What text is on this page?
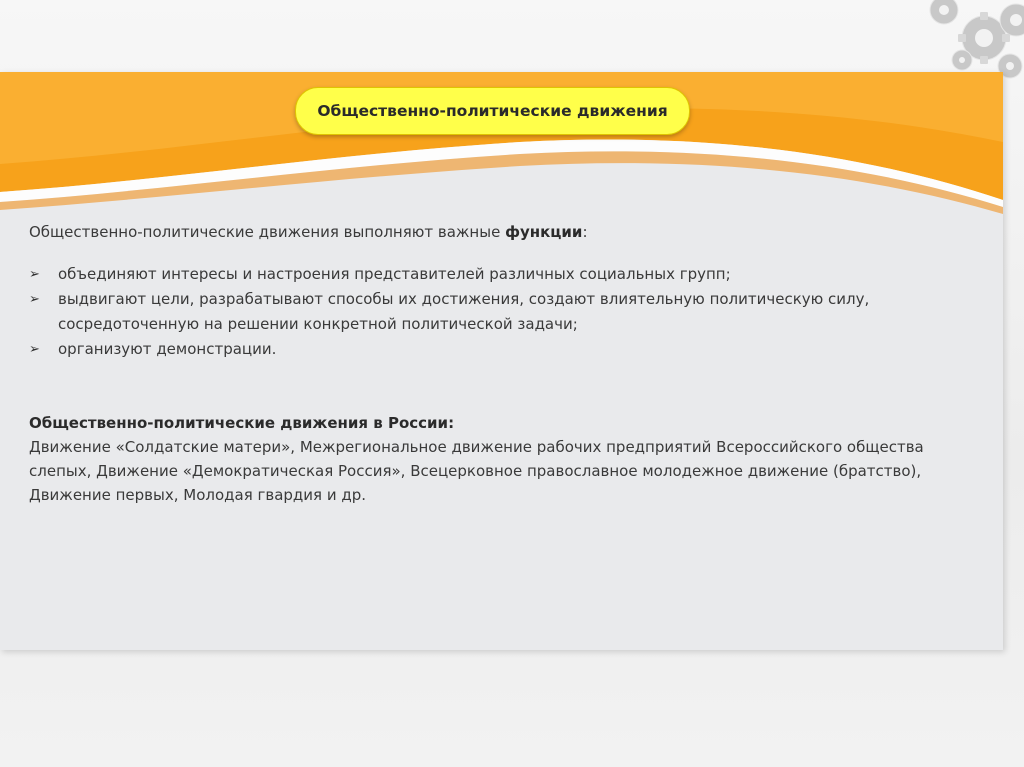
Общественно-политические движения
Общественно-политические движения выполняют важные функции:
➢ объединяют интересы и настроения представителей различных социальных групп;
➢ выдвигают цели, разрабатывают способы их достижения, создают влиятельную политическую силу, сосредоточенную на решении конкретной политической задачи;
➢ организуют демонстрации.
Общественно-политические движения в России:

Движение «Солдатские матери», Межрегиональное движение рабочих предприятий Всероссийского общества слепых, Движение «Демократическая Россия», Всецерковное православное молодежное движение (братство), Движение первых, Молодая гвардия и др.
